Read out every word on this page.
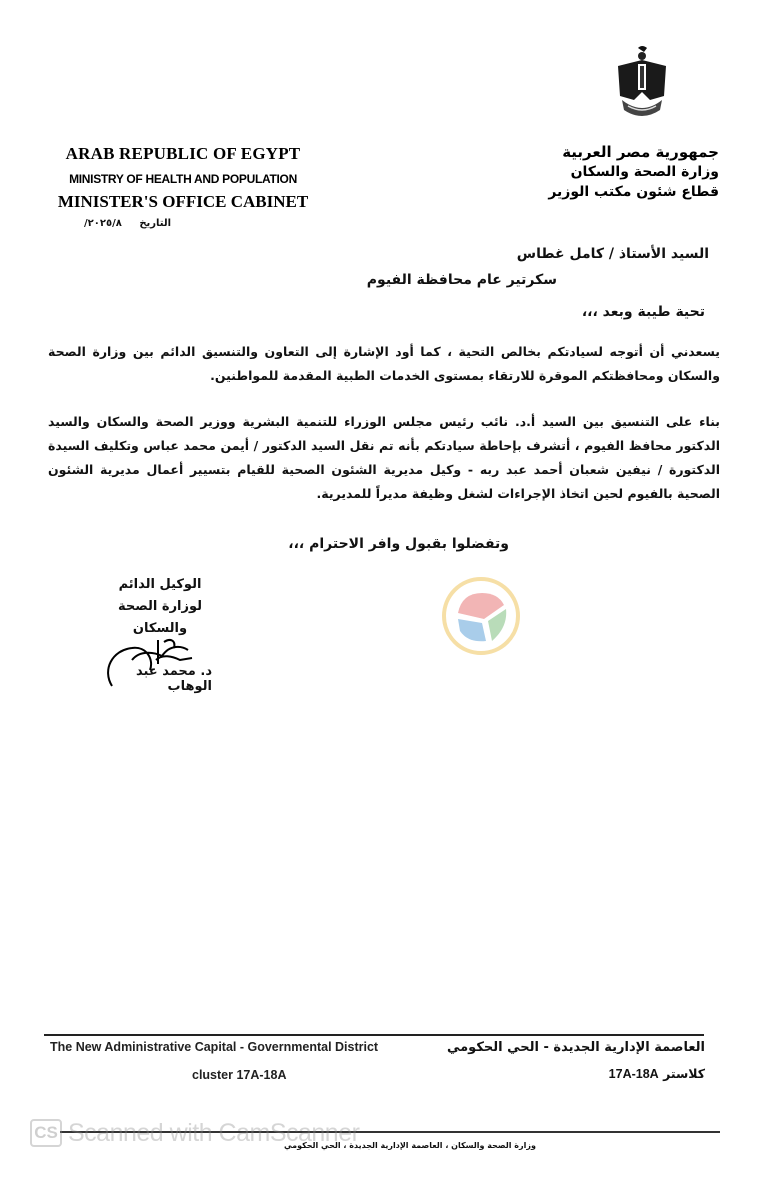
جمهورية مصر العربية
وزارة الصحة والسكان
قطاع شئون مكتب الوزير
ARAB REPUBLIC OF EGYPT
MINISTRY OF HEALTH AND POPULATION
MINISTER'S OFFICE CABINET
التاريخ ٢٠٢٥/٨/
السيد الأستاذ / كامل غطاس
سكرتير عام محافظة الفيوم
تحية طيبة وبعد ،،،
يسعدني أن أتوجه لسيادتكم بخالص التحية ، كما أود الإشارة إلى التعاون والتنسيق الدائم بين وزارة الصحة والسكان ومحافظتكم الموقرة للارتقاء بمستوى الخدمات الطبية المقدمة للمواطنين.
بناء على التنسيق بين السيد أ.د. نائب رئيس مجلس الوزراء للتنمية البشرية ووزير الصحة والسكان والسيد الدكتور محافظ الفيوم ، أتشرف بإحاطة سيادتكم بأنه تم نقل السيد الدكتور / أيمن محمد عباس وتكليف السيدة الدكتورة / نيفين شعبان أحمد عبد ربه - وكيل مديرية الشئون الصحية للقيام بتسيير أعمال مديرية الشئون الصحية بالفيوم لحين اتخاذ الإجراءات لشغل وظيفة مديراً للمديرية.
وتفضلوا بقبول وافر الاحترام ،،،
الوكيل الدائم
لوزارة الصحة والسكان
د. محمد عبد الوهاب
The New Administrative Capital - Governmental District
cluster 17A-18A
العاصمة الإدارية الجديدة - الحي الحكومي
كلاستر 17A-18A
وزارة الصحة والسكان ، العاصمة الإدارية الجديدة ، الحي الحكومي
CS Scanned with CamScanner
